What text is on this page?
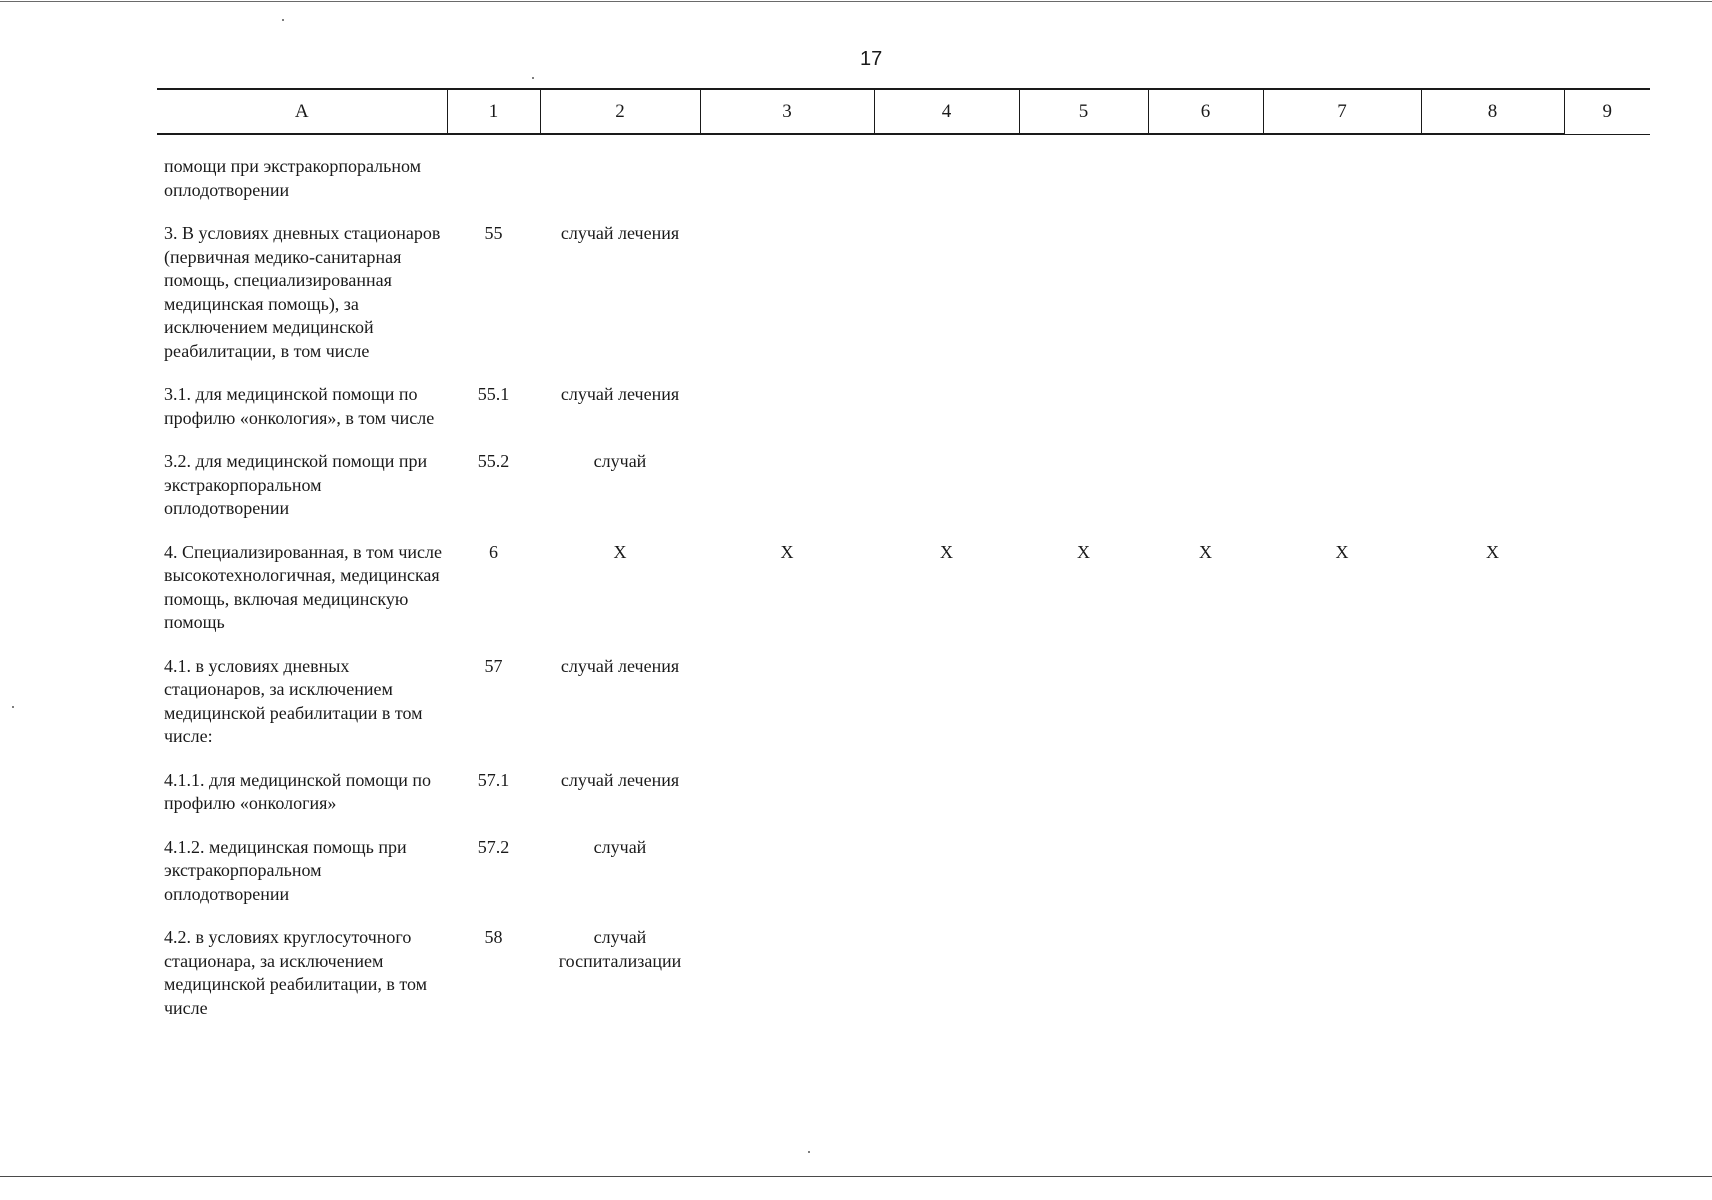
17
А	1	2	3	4	5	6	7	8	9
помощи при экстракорпоральном оплодотворении									
3. В условиях дневных стационаров (первичная медико-санитарная помощь, специализированная медицинская помощь), за исключением медицинской реабилитации, в том числе	55	случай лечения							
3.1. для медицинской помощи по профилю «онкология», в том числе	55.1	случай лечения							
3.2. для медицинской помощи при экстракорпоральном оплодотворении	55.2	случай							
4. Специализированная, в том числе высокотехнологичная, медицинская помощь, включая медицинскую помощь	6	Х	Х	Х	Х	Х	Х	Х	
4.1. в условиях дневных стационаров, за исключением медицинской реабилитации в том числе:	57	случай лечения							
4.1.1. для медицинской помощи по профилю «онкология»	57.1	случай лечения							
4.1.2. медицинская помощь при экстракорпоральном оплодотворении	57.2	случай							
4.2. в условиях круглосуточного стационара, за исключением медицинской реабилитации, в том числе	58	случай госпитализации							
